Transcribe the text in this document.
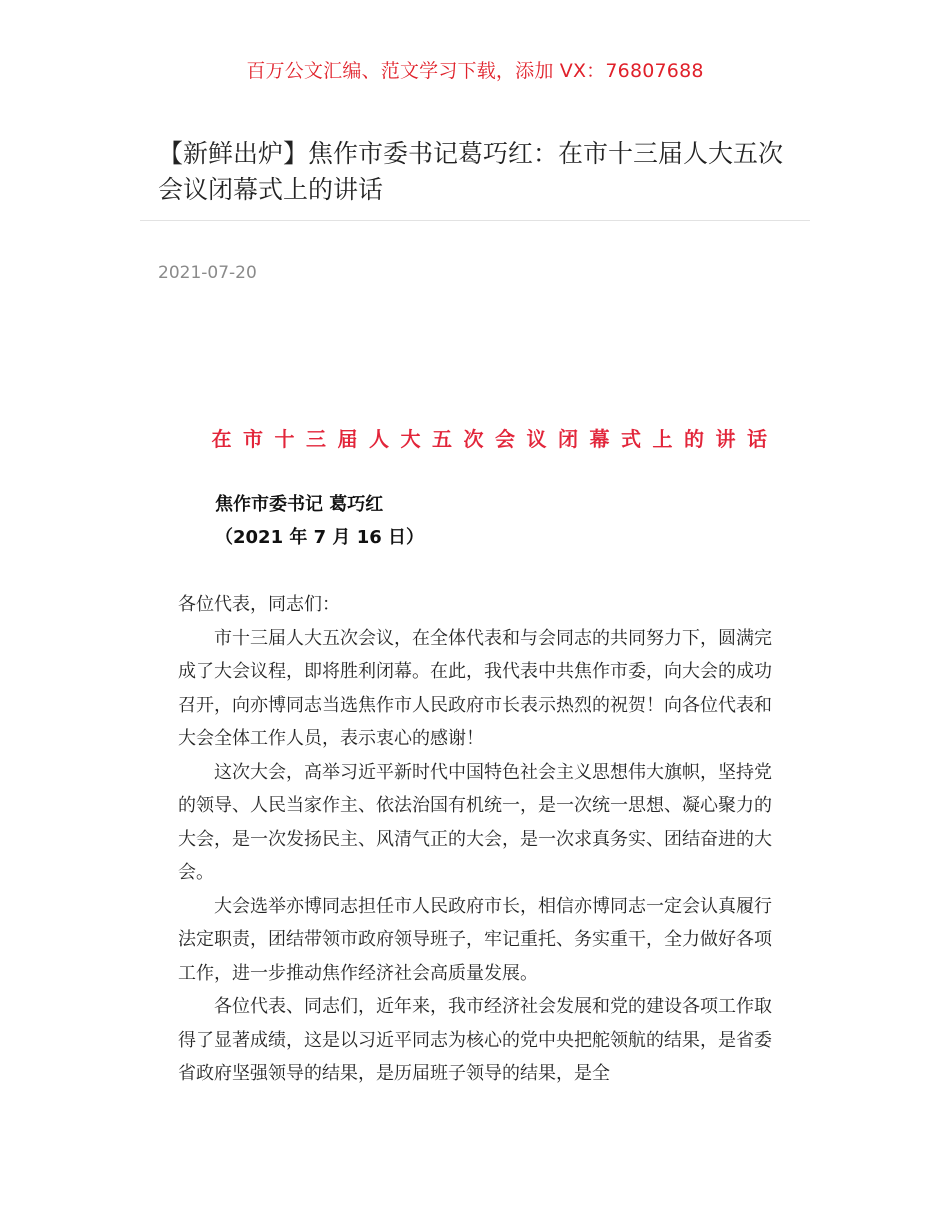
百万公文汇编、范文学习下载，添加 VX：76807688
【新鲜出炉】焦作市委书记葛巧红：在市十三届人大五次会议闭幕式上的讲话
2021-07-20
在市十三届人大五次会议闭幕式上的讲话
焦作市委书记 葛巧红
（2021 年 7 月 16 日）

各位代表，同志们：

市十三届人大五次会议，在全体代表和与会同志的共同努力下，圆满完成了大会议程，即将胜利闭幕。在此，我代表中共焦作市委，向大会的成功召开，向亦博同志当选焦作市人民政府市长表示热烈的祝贺！向各位代表和大会全体工作人员，表示衷心的感谢！

这次大会，高举习近平新时代中国特色社会主义思想伟大旗帜，坚持党的领导、人民当家作主、依法治国有机统一，是一次统一思想、凝心聚力的大会，是一次发扬民主、风清气正的大会，是一次求真务实、团结奋进的大会。

大会选举亦博同志担任市人民政府市长，相信亦博同志一定会认真履行法定职责，团结带领市政府领导班子，牢记重托、务实重干，全力做好各项工作，进一步推动焦作经济社会高质量发展。

各位代表、同志们，近年来，我市经济社会发展和党的建设各项工作取得了显著成绩，这是以习近平同志为核心的党中央把舵领航的结果，是省委省政府坚强领导的结果，是历届班子领导的结果，是全
